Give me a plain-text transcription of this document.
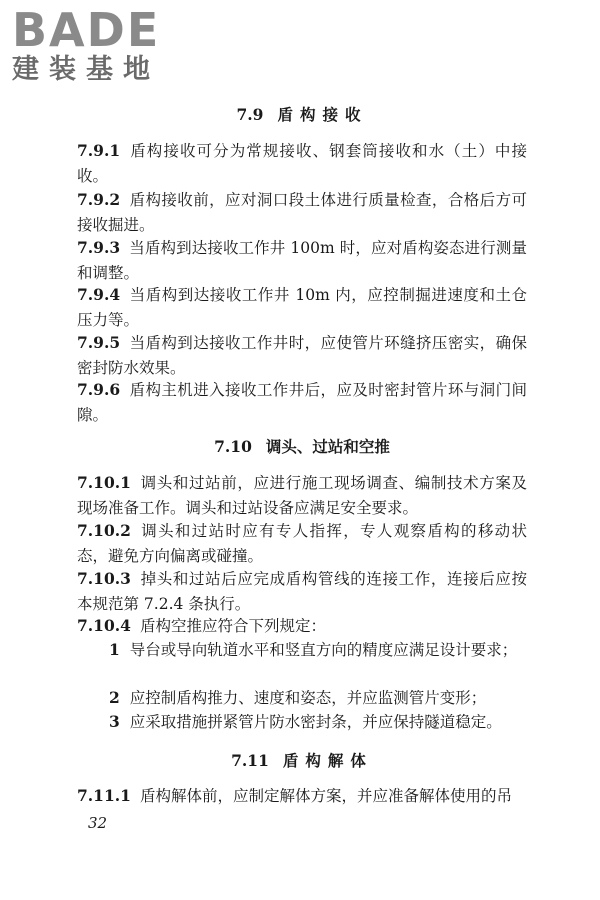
BADE

建装基地

7.9 盾构接收

7.9.1 盾构接收可分为常规接收、钢套筒接收和水（土）中接收。

7.9.2 盾构接收前，应对洞口段土体进行质量检查，合格后方可接收掘进。

7.9.3 当盾构到达接收工作井 100m 时，应对盾构姿态进行测量和调整。

7.9.4 当盾构到达接收工作井 10m 内，应控制掘进速度和土仓压力等。

7.9.5 当盾构到达接收工作井时，应使管片环缝挤压密实，确保密封防水效果。

7.9.6 盾构主机进入接收工作井后，应及时密封管片环与洞门间隙。

7.10 调头、过站和空推

7.10.1 调头和过站前，应进行施工现场调查、编制技术方案及现场准备工作。调头和过站设备应满足安全要求。

7.10.2 调头和过站时应有专人指挥，专人观察盾构的移动状态，避免方向偏离或碰撞。

7.10.3 掉头和过站后应完成盾构管线的连接工作，连接后应按本规范第 7.2.4 条执行。

7.10.4 盾构空推应符合下列规定：

1 导台或导向轨道水平和竖直方向的精度应满足设计要求；

2 应控制盾构推力、速度和姿态，并应监测管片变形；

3 应采取措施拼紧管片防水密封条，并应保持隧道稳定。

7.11 盾构解体

7.11.1 盾构解体前，应制定解体方案，并应准备解体使用的吊

32
